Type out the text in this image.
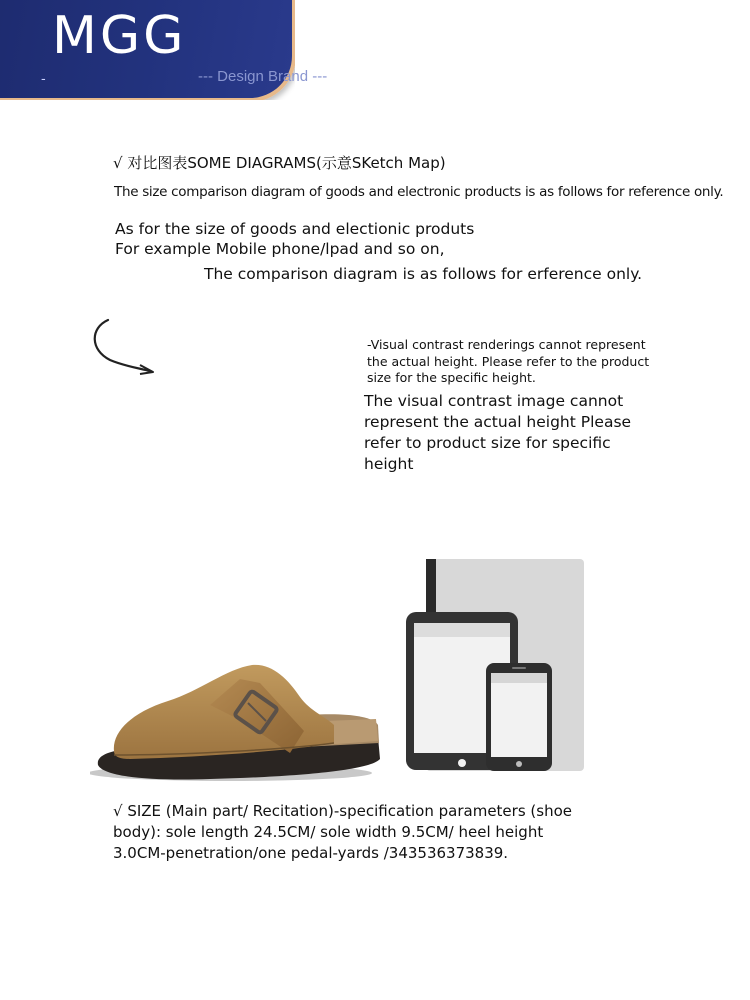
MGG
-	--- Design Brand ---
√ 对比图表SOME DIAGRAMS(示意SKetch Map)
The size comparison diagram of goods and electronic products is as follows for reference only.
As for the size of goods and electionic produts
For example Mobile phone/lpad and so on,
The comparison diagram is as follows for erference only.
-Visual contrast renderings cannot represent the actual height. Please refer to the product size for the specific height.
The visual contrast image cannot represent the actual height Please refer to product size for specific height
√ SIZE (Main part/ Recitation)-specification parameters (shoe body): sole length 24.5CM/ sole width 9.5CM/ heel height 3.0CM-penetration/one pedal-yards /343536373839.
